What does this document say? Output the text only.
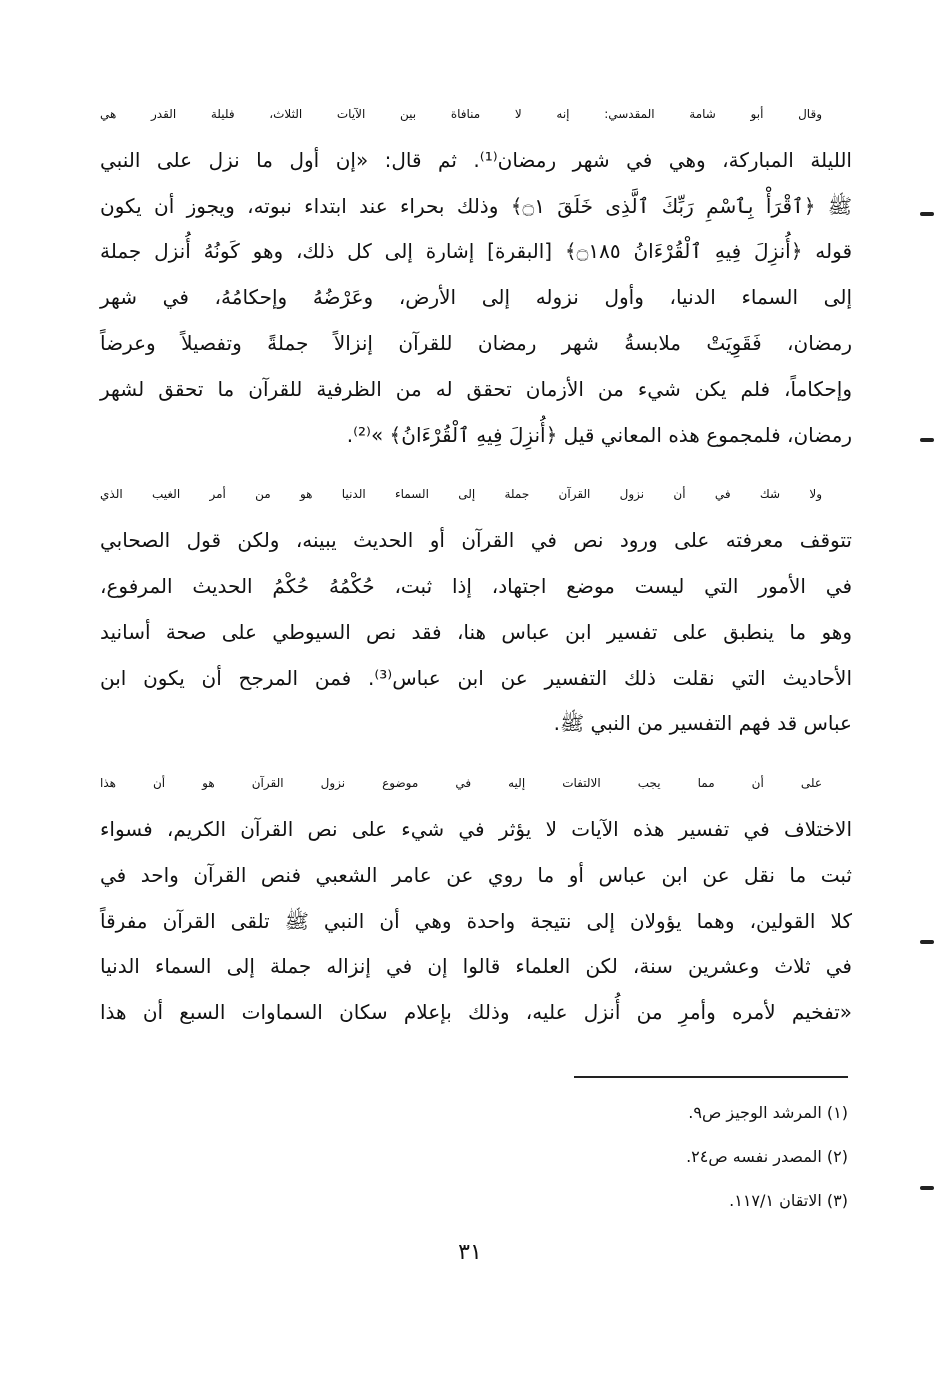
وقال أبو شامة المقدسي: إنه لا منافاة بين الآيات الثلاث، فليلة القدر هي
الليلة المباركة، وهي في شهر رمضان⁽¹⁾. ثم قال: «إن أول ما نزل على النبي
ﷺ ﴿ٱقْرَأْ بِٱسْمِ رَبِّكَ ٱلَّذِى خَلَقَ ۝١﴾ وذلك بحراء عند ابتداء نبوته، ويجوز أن يكون
قوله ﴿أُنزِلَ فِيهِ ٱلْقُرْءَانُ ۝١٨٥﴾ [البقرة] إشارة إلى كل ذلك، وهو كَونُهُ أُنزل جملة
إلى السماء الدنيا، وأول نزوله إلى الأرض، وعَرْضُهُ وإحكامُهُ، في شهر
رمضان، فَقَوِيَتْ ملابسةُ شهر رمضان للقرآن إنزالاً جملةً وتفصيلاً وعرضاً
وإحكاماً، فلم يكن شيء من الأزمان تحقق له من الظرفية للقرآن ما تحقق لشهر
رمضان، فلمجموع هذه المعاني قيل ﴿أُنزِلَ فِيهِ ٱلْقُرْءَانُ﴾ »⁽²⁾.
ولا شك في أن نزول القرآن جملة إلى السماء الدنيا هو من أمر الغيب الذي
تتوقف معرفته على ورود نص في القرآن أو الحديث يبينه، ولكن قول الصحابي
في الأمور التي ليست موضع اجتهاد، إذا ثبت، حُكْمُهُ حُكْمُ الحديث المرفوع،
وهو ما ينطبق على تفسير ابن عباس هنا، فقد نص السيوطي على صحة أسانيد
الأحاديث التي نقلت ذلك التفسير عن ابن عباس⁽³⁾. فمن المرجح أن يكون ابن
عباس قد فهم التفسير من النبي ﷺ.
على أن مما يجب الالتفات إليه في موضوع نزول القرآن هو أن هذا
الاختلاف في تفسير هذه الآيات لا يؤثر في شيء على نص القرآن الكريم، فسواء
ثبت ما نقل عن ابن عباس أو ما روي عن عامر الشعبي فنص القرآن واحد في
كلا القولين، وهما يؤولان إلى نتيجة واحدة وهي أن النبي ﷺ تلقى القرآن مفرقاً
في ثلاث وعشرين سنة، لكن العلماء قالوا إن في إنزاله جملة إلى السماء الدنيا
«تفخيم لأمره وأمرِ من أُنزل عليه، وذلك بإعلام سكان السماوات السبع أن هذا
(١) المرشد الوجيز ص٩.
(٢) المصدر نفسه ص٢٤.
(٣) الاتقان ١١٧/١.
٣١
